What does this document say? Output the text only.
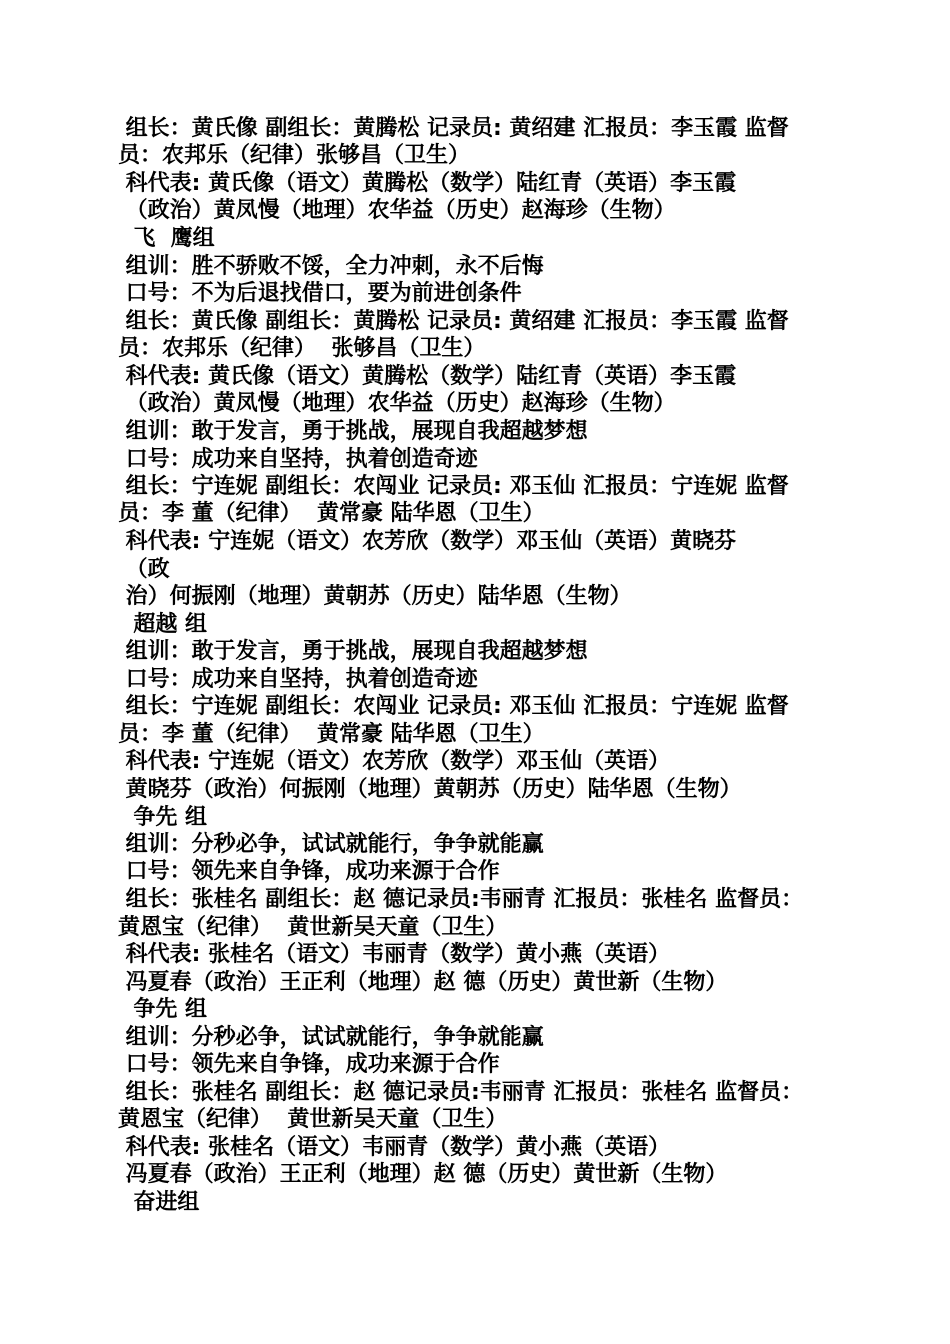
组长：黄氏像 副组长：黄腾松 记录员: 黄绍建 汇报员：李玉霞 监督
员：农邦乐（纪律）张够昌（卫生）
科代表: 黄氏像（语文）黄腾松（数学）陆红青（英语）李玉霞
（政治）黄凤慢（地理）农华益（历史）赵海珍（生物）
飞  鹰组
组训：胜不骄败不馁，全力冲刺，永不后悔
口号：不为后退找借口，要为前进创条件
组长：黄氏像 副组长：黄腾松 记录员: 黄绍建 汇报员：李玉霞 监督
员：农邦乐（纪律）  张够昌（卫生）
科代表: 黄氏像（语文）黄腾松（数学）陆红青（英语）李玉霞
（政治）黄凤慢（地理）农华益（历史）赵海珍（生物）
组训：敢于发言，勇于挑战，展现自我超越梦想
口号：成功来自坚持，执着创造奇迹
组长：宁连妮 副组长：农闯业 记录员: 邓玉仙 汇报员：宁连妮 监督
员：李 董（纪律）  黄常豪 陆华恩（卫生）
科代表: 宁连妮（语文）农芳欣（数学）邓玉仙（英语）黄晓芬
（政
治）何振刚（地理）黄朝苏（历史）陆华恩（生物）
超越 组
组训：敢于发言，勇于挑战，展现自我超越梦想
口号：成功来自坚持，执着创造奇迹
组长：宁连妮 副组长：农闯业 记录员: 邓玉仙 汇报员：宁连妮 监督
员：李 董（纪律）  黄常豪 陆华恩（卫生）
科代表: 宁连妮（语文）农芳欣（数学）邓玉仙（英语）
黄晓芬（政治）何振刚（地理）黄朝苏（历史）陆华恩（生物）
争先 组
组训：分秒必争，试试就能行，争争就能赢
口号：领先来自争锋，成功来源于合作
组长：张桂名 副组长：赵 德记录员:韦丽青 汇报员：张桂名 监督员：
黄恩宝（纪律）  黄世新吴天童（卫生）
科代表: 张桂名（语文）韦丽青（数学）黄小燕（英语）
冯夏春（政治）王正利（地理）赵 德（历史）黄世新（生物）
争先 组
组训：分秒必争，试试就能行，争争就能赢
口号：领先来自争锋，成功来源于合作
组长：张桂名 副组长：赵 德记录员:韦丽青 汇报员：张桂名 监督员：
黄恩宝（纪律）  黄世新吴天童（卫生）
科代表: 张桂名（语文）韦丽青（数学）黄小燕（英语）
冯夏春（政治）王正利（地理）赵 德（历史）黄世新（生物）
奋进组
